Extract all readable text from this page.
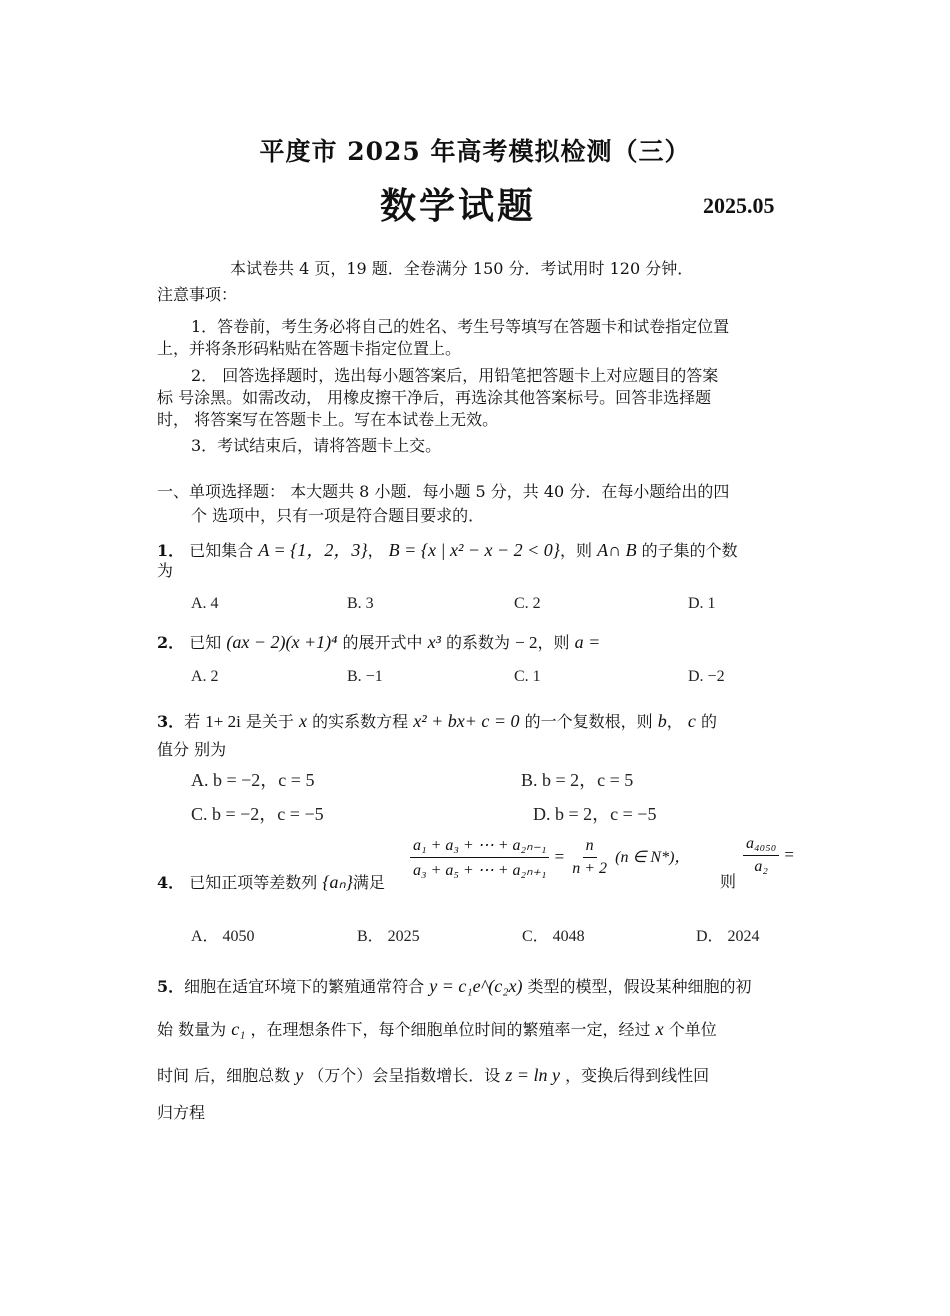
平度市 2025 年高考模拟检测（三）
数学试题	2025.05
本试卷共 4 页，19 题．全卷满分 150 分．考试用时 120 分钟．
注意事项：
1．答卷前，考生务必将自己的姓名、考生号等填写在答题卡和试卷指定位置
上，并将条形码粘贴在答题卡指定位置上。
2． 回答选择题时，选出每小题答案后，用铅笔把答题卡上对应题目的答案
标 号涂黑。如需改动， 用橡皮擦干净后，再选涂其他答案标号。回答非选择题
时， 将答案写在答题卡上。写在本试卷上无效。
3．考试结束后，请将答题卡上交。
一、单项选择题： 本大题共 8 小题．每小题 5 分，共 40 分．在每小题给出的四
个 选项中，只有一项是符合题目要求的．
1． 已知集合 A = {1，2，3}， B = {x | x² − x − 2 < 0}，则 A∩ B 的子集的个数
为
A. 4	B. 3	C. 2	D. 1
2． 已知 (ax − 2)(x +1)⁴ 的展开式中 x³ 的系数为 − 2，则 a =
A. 2	B. −1	C. 1	D. −2
3．若 1+ 2i 是关于 x 的实系数方程 x² + bx+ c = 0 的一个复数根，则 b， c 的
值分 别为
A. b = −2，c = 5	B. b = 2，c = 5
C. b = −2，c = −5	D. b = 2，c = −5
4． 已知正项等差数列 {aₙ}满足
$\frac{\text{a₁ + a₃ + ⋯ + a₂ₙ₋₁}}{\text{a₃ + a₅ + ⋯ + a₂ₙ₊₁}} = \frac{n}{n + 2} (n$ ∈ N*)，
则
$\frac{\text{a₄₀₅₀}}{\text{a₂}}$ =
A． 4050	B． 2025	C． 4048	D． 2024
5．细胞在适宜环境下的繁殖通常符合 y = c₁e^(c₂x) 类型的模型，假设某种细胞的初
始 数量为 c₁ ，在理想条件下，每个细胞单位时间的繁殖率一定，经过 x 个单位
时间 后，细胞总数 y （万个）会呈指数增长．设 z = ln y ，变换后得到线性回
归方程
